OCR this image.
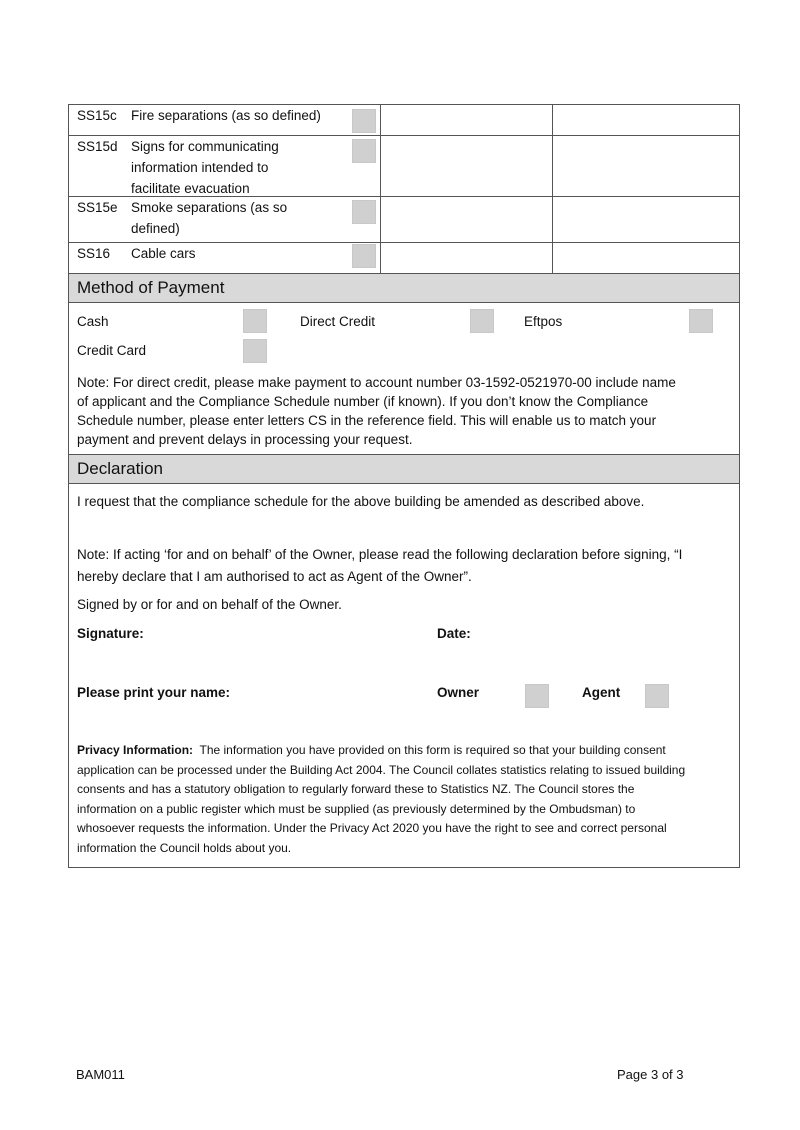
SS15c Fire separations (as so defined)
SS15d Signs for communicating
information intended to
facilitate evacuation
SS15e Smoke separations (as so
defined)
SS16 Cable cars
Method of Payment
Cash	Direct Credit	Eftpos
Credit Card
Note: For direct credit, please make payment to account number 03-1592-0521970-00 include name
of applicant and the Compliance Schedule number (if known). If you don’t know the Compliance
Schedule number, please enter letters CS in the reference field. This will enable us to match your
payment and prevent delays in processing your request.
Declaration
I request that the compliance schedule for the above building be amended as described above.
Note: If acting ‘for and on behalf’ of the Owner, please read the following declaration before signing, “I
hereby declare that I am authorised to act as Agent of the Owner”.
Signed by or for and on behalf of the Owner.
Signature:	Date:
Please print your name:	Owner	Agent
Privacy Information: The information you have provided on this form is required so that your building consent
application can be processed under the Building Act 2004. The Council collates statistics relating to issued building
consents and has a statutory obligation to regularly forward these to Statistics NZ. The Council stores the
information on a public register which must be supplied (as previously determined by the Ombudsman) to
whosoever requests the information. Under the Privacy Act 2020 you have the right to see and correct personal
information the Council holds about you.
BAM011	Page 3 of 3
